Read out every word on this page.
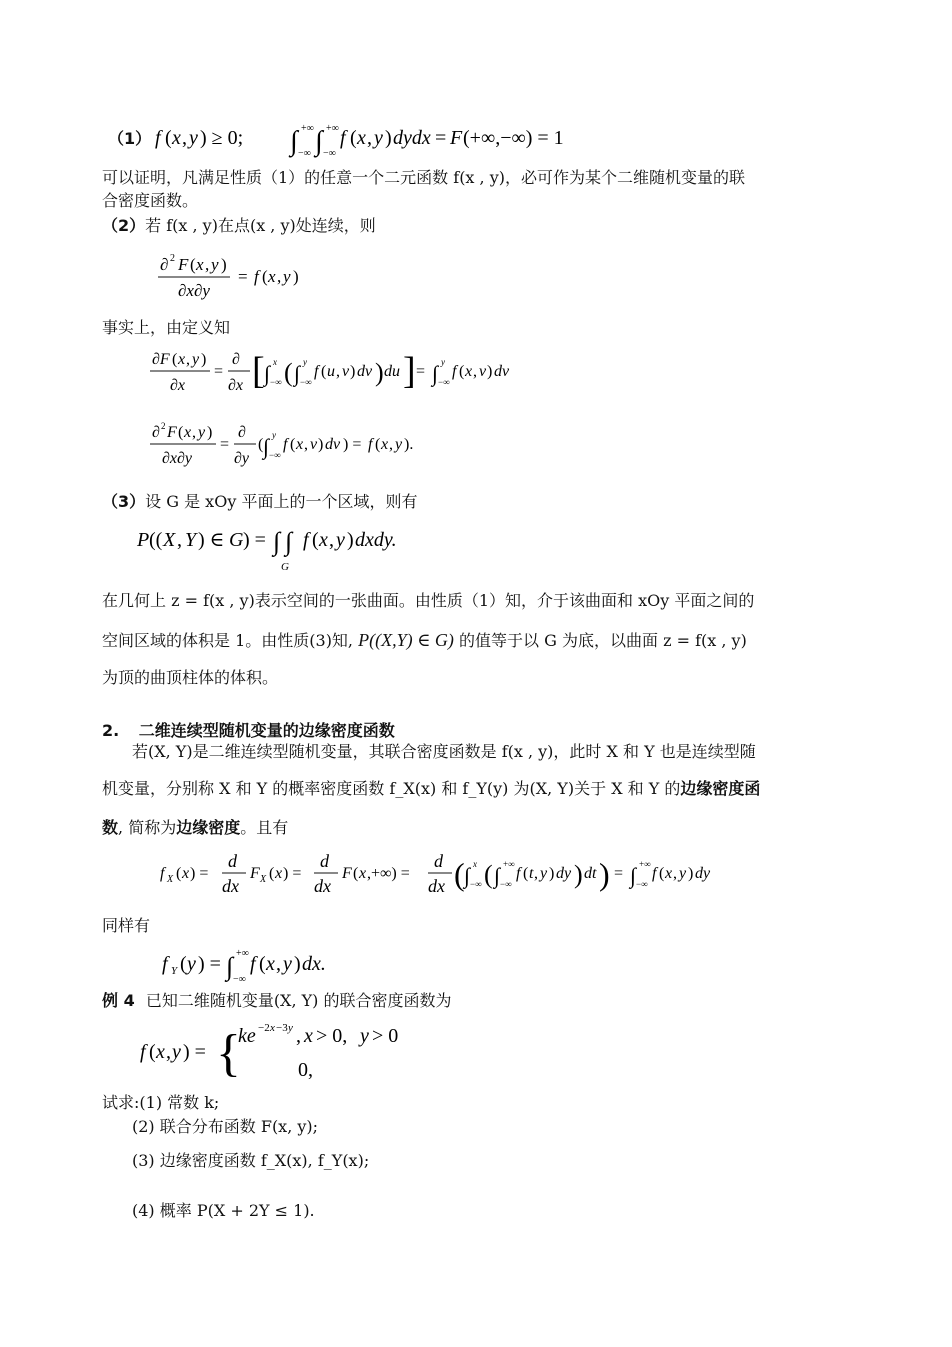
（1） f ( x , y ) ≥ 0; ∫ +∞
−∞ ∫ +∞
−∞
f ( x , y ) dydx = F (+∞,−∞) = 1
可以证明，凡满足性质（1）的任意一个二元函数 f(x , y)，必可作为某个二维随机变量的联
合密度函数。
（2）若 f(x , y)在点(x , y)处连续，则
∂ 2 F ( x , y )
∂x∂y
= f ( x , y )
事实上，由定义知
∂F ( x , y )
∂x
=
∂
∂x [ ∫ x
−∞ ( ∫ y
−∞
f ( u , v ) dv ) du ] = ∫ y
−∞
f ( x , v ) dv
∂ 2 F ( x , y )
∂x∂y
=
∂
∂y
( ∫ y
−∞
f ( x , v ) dv ) = f ( x , y ).
（3）设 G 是 xOy 平面上的一个区域，则有
P (( X , Y ) ∈ G ) = ∫ ∫
G
f ( x , y ) dxdy.
在几何上 z = f(x , y)表示空间的一张曲面。由性质（1）知，介于该曲面和 xOy 平面之间的
空间区域的体积是 1。由性质(3)知, P((X,Y) ∈ G) 的值等于以 G 为底，以曲面 z = f(x , y)
为顶的曲顶柱体的体积。
2. 二维连续型随机变量的边缘密度函数
若(X, Y)是二维连续型随机变量，其联合密度函数是 f(x , y)，此时 X 和 Y 也是连续型随
机变量，分别称 X 和 Y 的概率密度函数 f_X(x) 和 f_Y(y) 为(X, Y)关于 X 和 Y 的边缘密度函
数, 简称为边缘密度。且有
f X ( x ) =
d
dx
F X ( x ) =
d
dx
F ( x ,+∞) =
d
dx ( ∫ x
−∞ ( ∫ +∞
−∞
f ( t , y ) dy ) dt ) = ∫ +∞
−∞
f ( x , y ) dy
同样有
f Y ( y ) = ∫ +∞
−∞
f ( x , y ) dx.
例 4 已知二维随机变量(X, Y) 的联合密度函数为
f ( x , y ) = {
ke −2 x −3 y , x > 0, y > 0
0,
试求:(1) 常数 k;
(2) 联合分布函数 F(x, y);
(3) 边缘密度函数 f_X(x), f_Y(x);
(4) 概率 P(X + 2Y ≤ 1).
